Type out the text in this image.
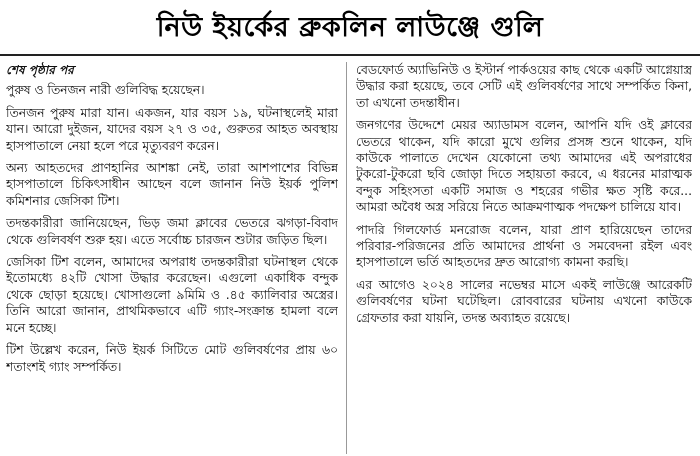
নিউ ইয়র্কের ব্রুকলিন লাউঞ্জে গুলি
শেষ পৃষ্ঠার পর

পুরুষ ও তিনজন নারী গুলিবিদ্ধ হয়েছেন।

তিনজন পুরুষ মারা যান। একজন, যার বয়স ১৯, ঘটনাস্থলেই মারা যান। আরো দুইজন, যাদের বয়স ২৭ ও ৩৫, গুরুতর আহত অবস্থায় হাসপাতালে নেয়া হলে পরে মৃত্যুবরণ করেন।

অন্য আহতদের প্রাণহানির আশঙ্কা নেই, তারা আশপাশের বিভিন্ন হাসপাতালে চিকিৎসাধীন আছেন বলে জানান নিউ ইয়র্ক পুলিশ কমিশনার জেসিকা টিশ।

তদন্তকারীরা জানিয়েছেন, ভিড় জমা ক্লাবের ভেতরে ঝগড়া-বিবাদ থেকে গুলিবর্ষণ শুরু হয়। এতে সর্বোচ্চ চারজন শুটার জড়িত ছিল।

জেসিকা টিশ বলেন, আমাদের অপরাধ তদন্তকারীরা ঘটনাস্থল থেকে ইতোমধ্যে ৪২টি খোসা উদ্ধার করেছেন। এগুলো একাধিক বন্দুক থেকে ছোড়া হয়েছে। খোসাগুলো ৯মিমি ও .৪৫ ক্যালিবার অস্ত্রের। তিনি আরো জানান, প্রাথমিকভাবে এটি গ্যাং-সংক্রান্ত হামলা বলে মনে হচ্ছে।

টিশ উল্লেখ করেন, নিউ ইয়র্ক সিটিতে মোট গুলিবর্ষণের প্রায় ৬০ শতাংশই গ্যাং সম্পর্কিত।

বেডফোর্ড অ্যাভিনিউ ও ইস্টার্ন পার্কওয়ের কাছ থেকে একটি আগ্নেয়াস্ত্র উদ্ধার করা হয়েছে, তবে সেটি এই গুলিবর্ষণের সাথে সম্পর্কিত কিনা, তা এখনো তদন্তাধীন।

জনগণের উদ্দেশে মেয়র অ্যাডামস বলেন, আপনি যদি ওই ক্লাবের ভেতরে থাকেন, যদি কারো মুখে গুলির প্রসঙ্গ শুনে থাকেন, যদি কাউকে পালাতে দেখেন যেকোনো তথ্য আমাদের এই অপরাধের টুকরো-টুকরো ছবি জোড়া দিতে সহায়তা করবে, এ ধরনের মারাত্মক বন্দুক সহিংসতা একটি সমাজ ও শহরের গভীর ক্ষত সৃষ্টি করে... আমরা অবৈধ অস্ত্র সরিয়ে নিতে আক্রমণাত্মক পদক্ষেপ চালিয়ে যাব।

পাদরি গিলফোর্ড মনরোজ বলেন, যারা প্রাণ হারিয়েছেন তাদের পরিবার-পরিজনের প্রতি আমাদের প্রার্থনা ও সমবেদনা রইল এবং হাসপাতালে ভর্তি আহতদের দ্রুত আরোগ্য কামনা করছি।

এর আগেও ২০২৪ সালের নভেম্বর মাসে একই লাউঞ্জে আরেকটি গুলিবর্ষণের ঘটনা ঘটেছিল। রোববারের ঘটনায় এখনো কাউকে গ্রেফতার করা যায়নি, তদন্ত অব্যাহত রয়েছে।
